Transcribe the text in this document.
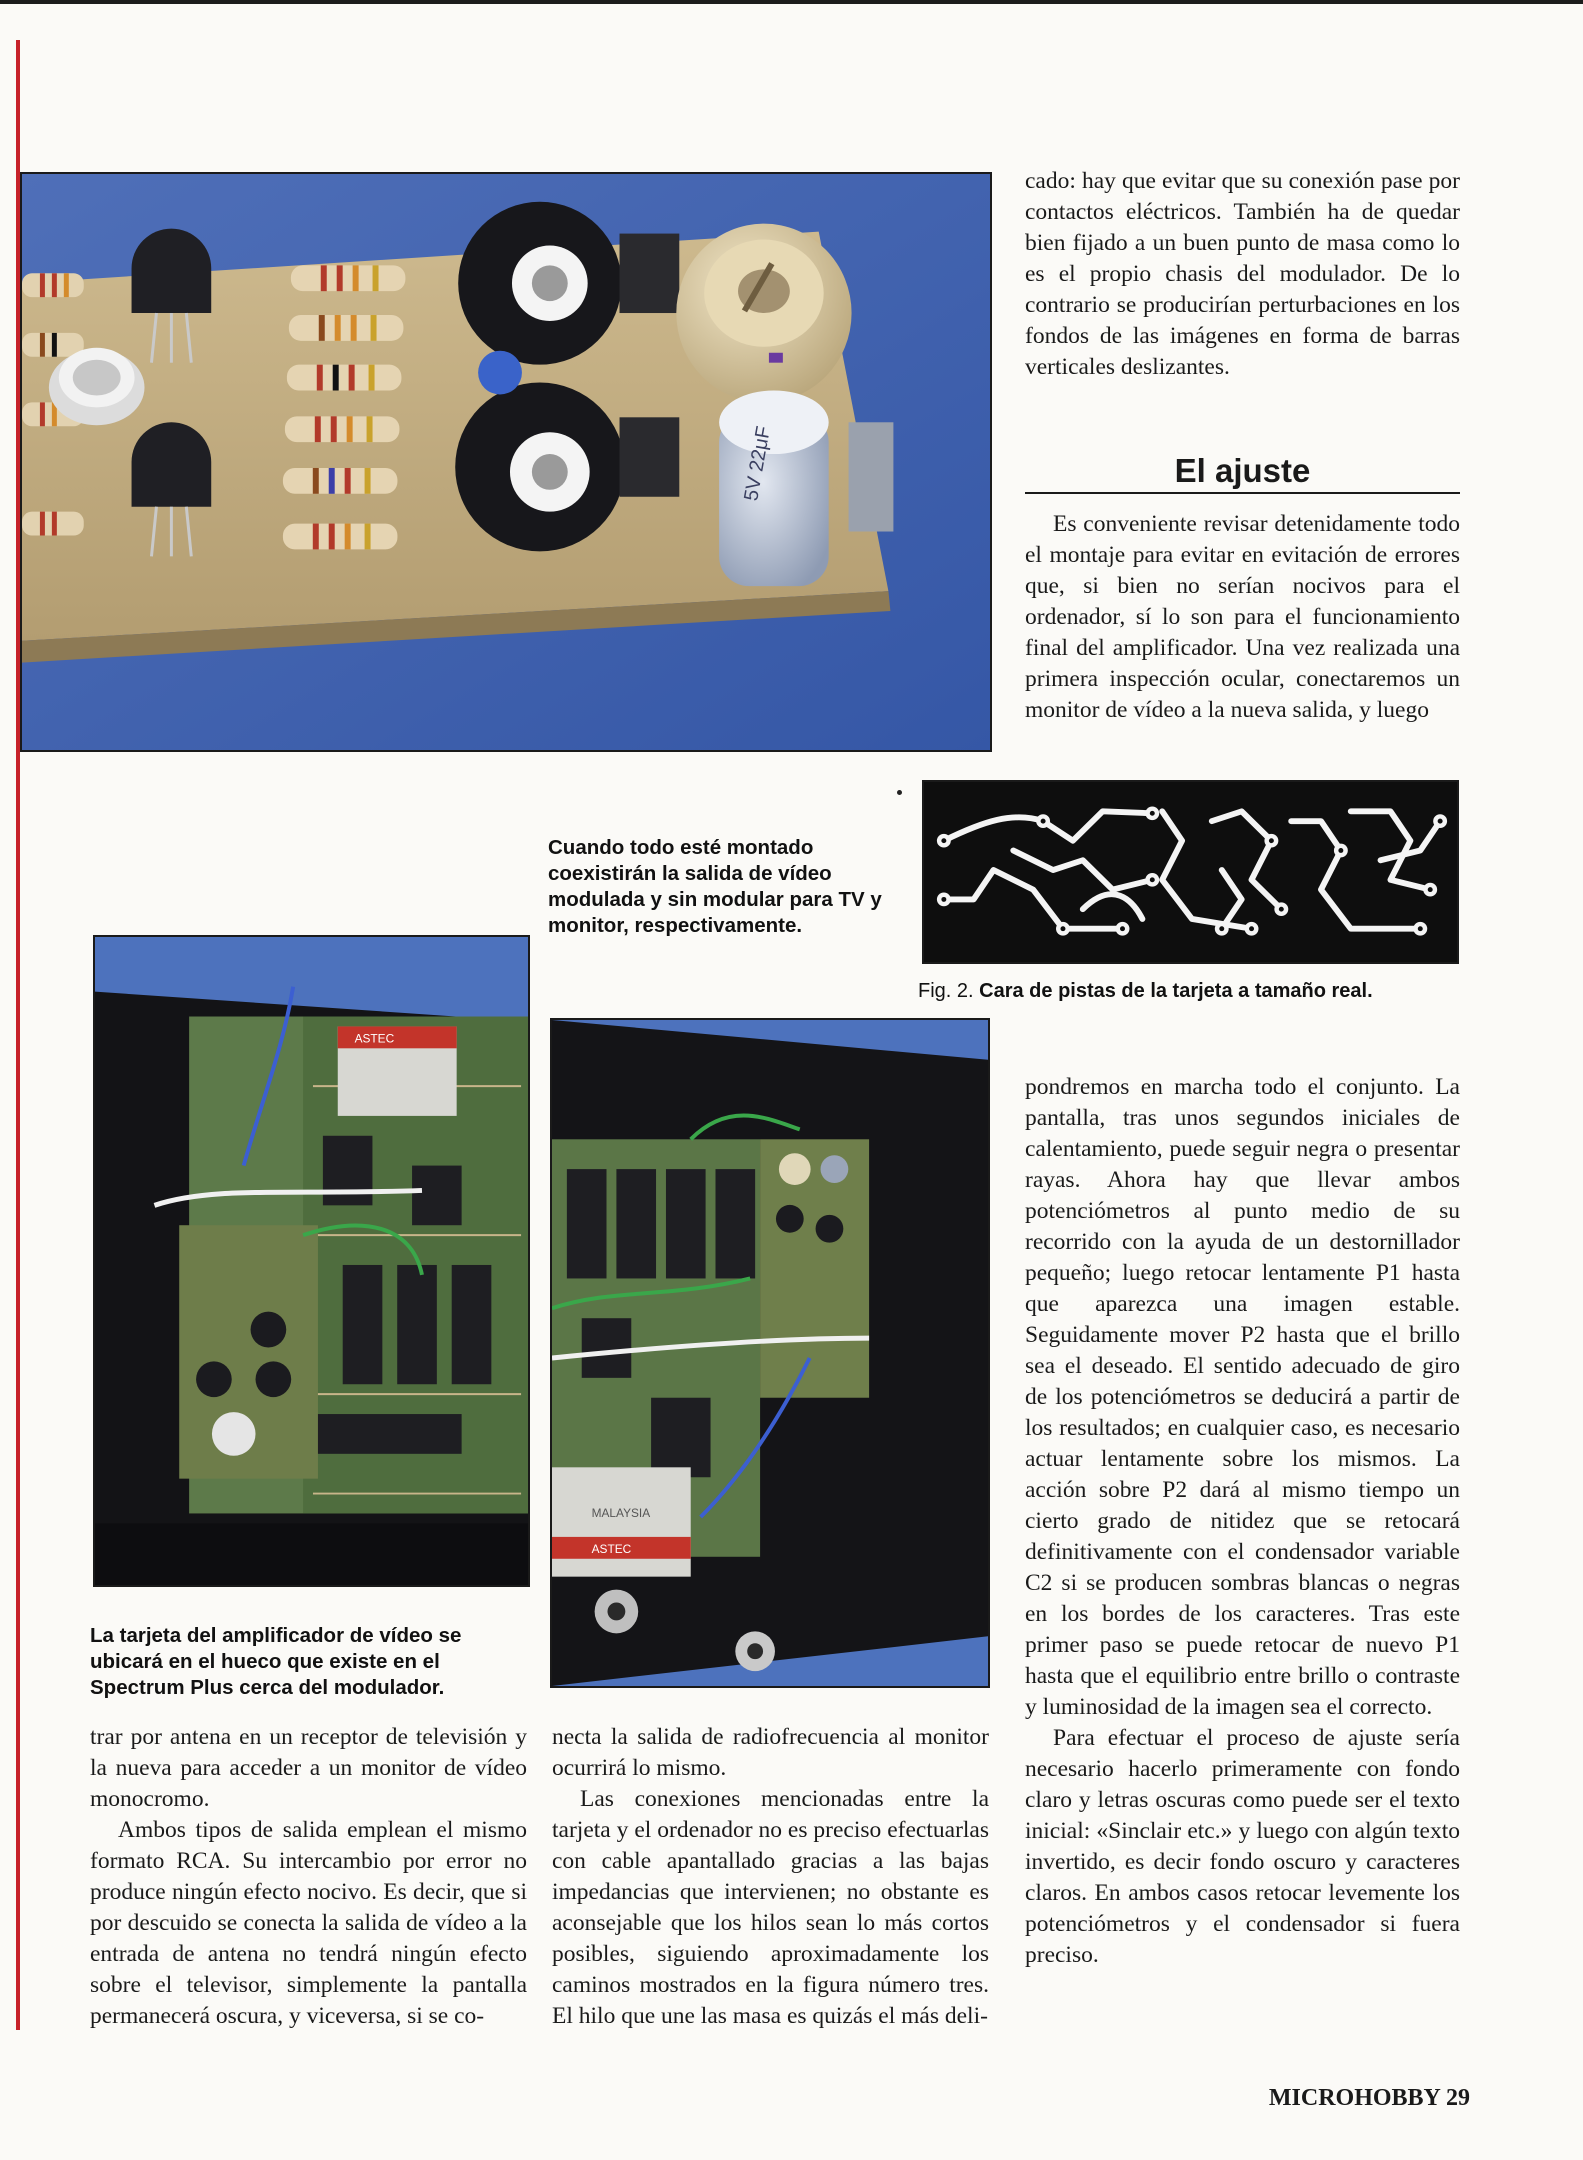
5V 22μF

cado: hay que evitar que su conexión pase por contactos eléctricos. También ha de quedar bien fijado a un buen punto de masa como lo es el propio chasis del modulador. De lo contrario se producirían perturbaciones en los fondos de las imágenes en forma de barras verticales deslizantes.

El ajuste

Es conveniente revisar detenidamente todo el montaje para evitar en evitación de errores que, si bien no serían nocivos para el ordenador, sí lo son para el funcionamiento final del amplificador. Una vez realizada una primera inspección ocular, conectaremos un monitor de vídeo a la nueva salida, y luego

Fig. 2. Cara de pistas de la tarjeta a tamaño real.
Cuando todo esté montado coexistirán la salida de vídeo modulada y sin modular para TV y monitor, respectivamente.
ASTEC
La tarjeta del amplificador de vídeo se ubicará en el hueco que existe en el Spectrum Plus cerca del modulador.
ASTEC
MALAYSIA

trar por antena en un receptor de televisión y la nueva para acceder a un monitor de vídeo monocromo.

Ambos tipos de salida emplean el mismo formato RCA. Su intercambio por error no produce ningún efecto nocivo. Es decir, que si por descuido se conecta la salida de vídeo a la entrada de antena no tendrá ningún efecto sobre el televisor, simplemente la pantalla permanecerá oscura, y viceversa, si se co-

necta la salida de radiofrecuencia al monitor ocurrirá lo mismo.

Las conexiones mencionadas entre la tarjeta y el ordenador no es preciso efectuarlas con cable apantallado gracias a las bajas impedancias que intervienen; no obstante es aconsejable que los hilos sean lo más cortos posibles, siguiendo aproximadamente los caminos mostrados en la figura número tres. El hilo que une las masa es quizás el más deli-

pondremos en marcha todo el conjunto. La pantalla, tras unos segundos iniciales de calentamiento, puede seguir negra o presentar rayas. Ahora hay que llevar ambos potenciómetros al punto medio de su recorrido con la ayuda de un destornillador pequeño; luego retocar lentamente P1 hasta que aparezca una imagen estable. Seguidamente mover P2 hasta que el brillo sea el deseado. El sentido adecuado de giro de los potenciómetros se deducirá a partir de los resultados; en cualquier caso, es necesario actuar lentamente sobre los mismos. La acción sobre P2 dará al mismo tiempo un cierto grado de nitidez que se retocará definitivamente con el condensador variable C2 si se producen sombras blancas o negras en los bordes de los caracteres. Tras este primer paso se puede retocar de nuevo P1 hasta que el equilibrio entre brillo o contraste y luminosidad de la imagen sea el correcto.

Para efectuar el proceso de ajuste sería necesario hacerlo primeramente con fondo claro y letras oscuras como puede ser el texto inicial: «Sinclair etc.» y luego con algún texto invertido, es decir fondo oscuro y caracteres claros. En ambos casos retocar levemente los potenciómetros y el condensador si fuera preciso.

MICROHOBBY 29
